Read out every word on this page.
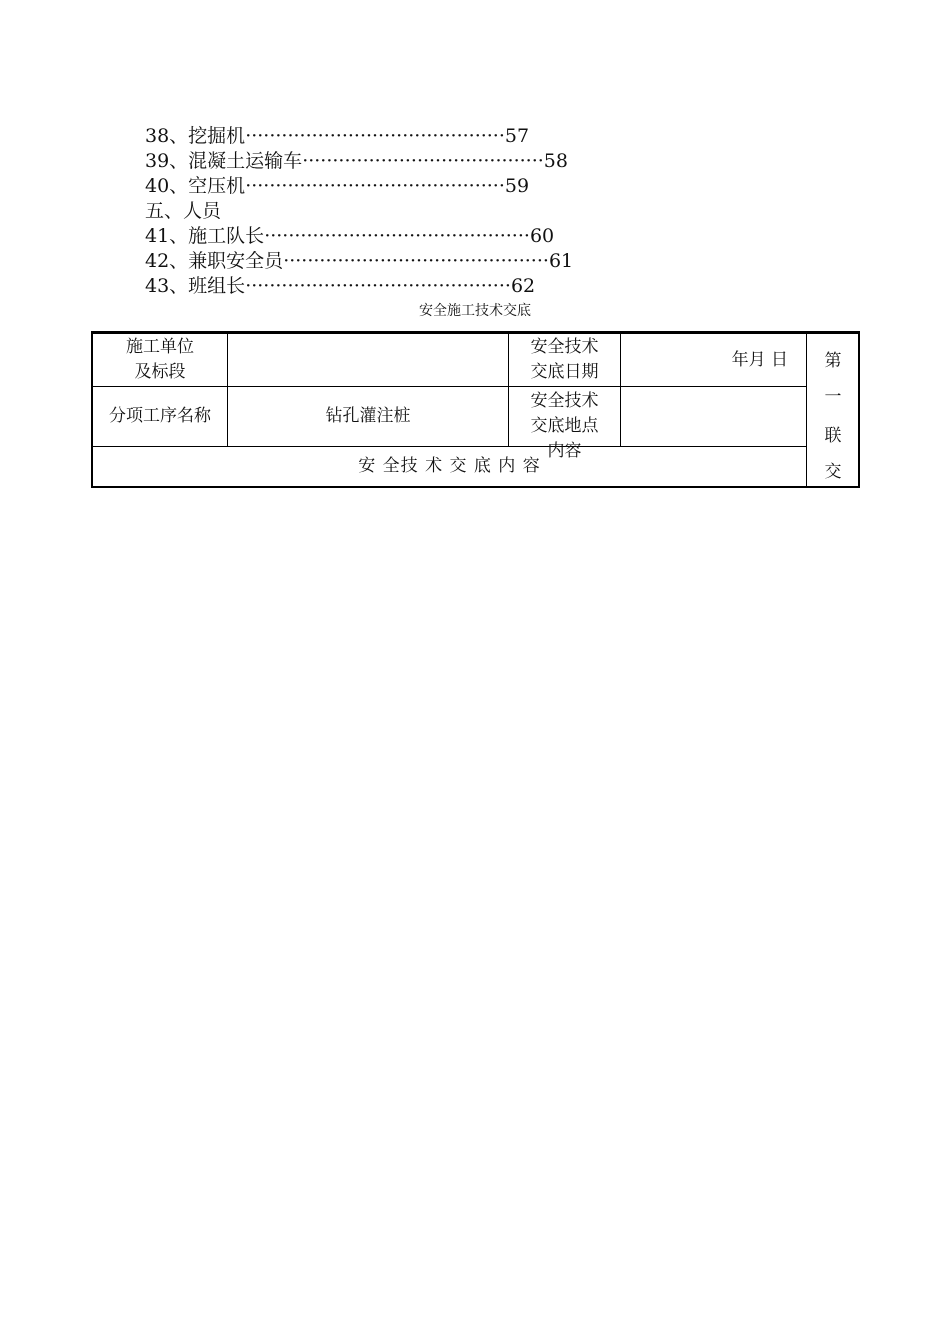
38、挖掘机···········································57
39、混凝土运输车········································58
40、空压机···········································59
五、人员
41、施工队长············································60
42、兼职安全员············································61
43、班组长············································62
安全施工技术交底
施工单位
及标段
安全技术
交底日期
年月 日
分项工序名称	钻孔灌注桩
安全技术
交底地点
内容
安 全技 术 交 底 内 容
第
一
联
交
